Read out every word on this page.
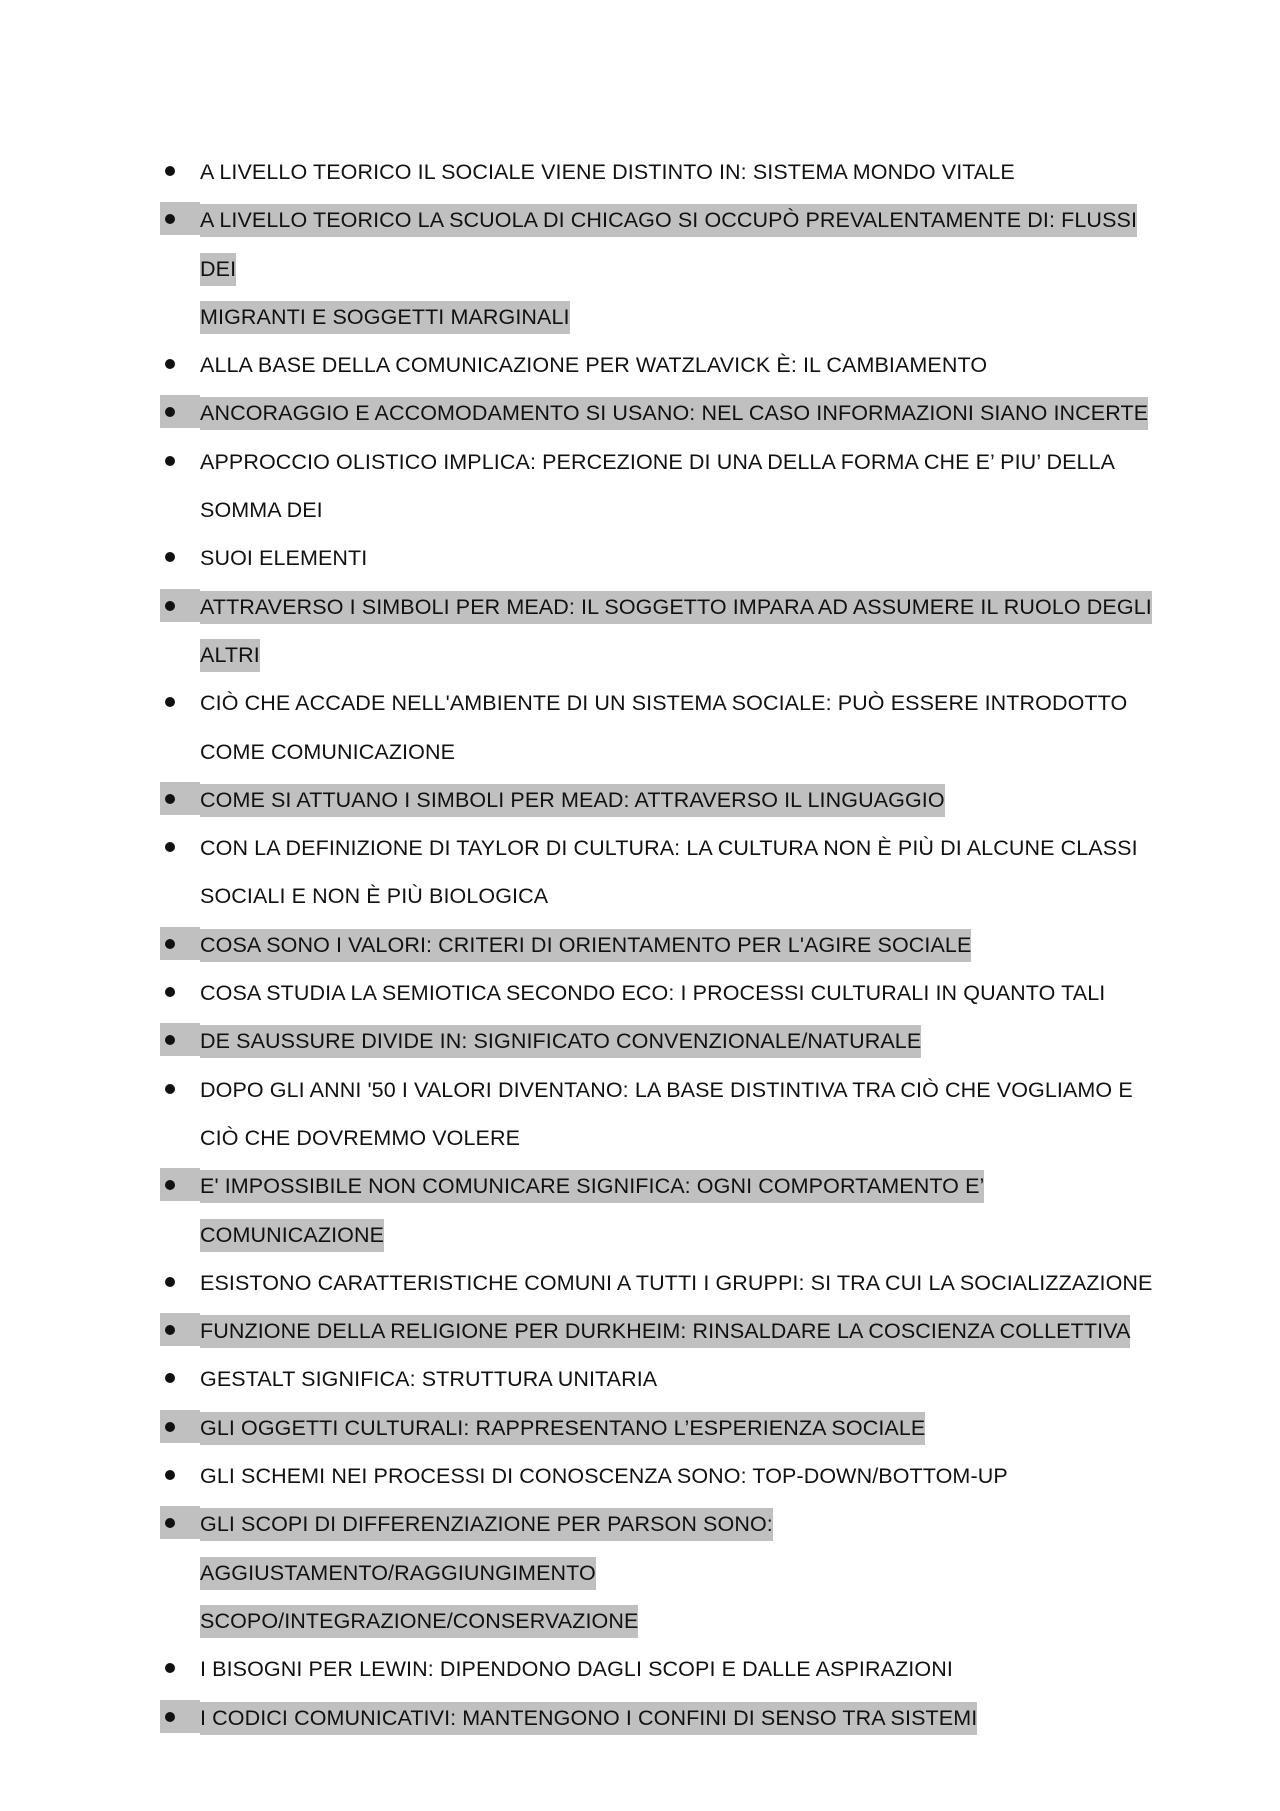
A LIVELLO TEORICO IL SOCIALE VIENE DISTINTO IN: SISTEMA MONDO VITALE
A LIVELLO TEORICO LA SCUOLA DI CHICAGO SI OCCUPÒ PREVALENTAMENTE DI: FLUSSI DEI
MIGRANTI E SOGGETTI MARGINALI
ALLA BASE DELLA COMUNICAZIONE PER WATZLAVICK È: IL CAMBIAMENTO
ANCORAGGIO E ACCOMODAMENTO SI USANO: NEL CASO INFORMAZIONI SIANO INCERTE
APPROCCIO OLISTICO IMPLICA: PERCEZIONE DI UNA DELLA FORMA CHE E’ PIU’ DELLA
SOMMA DEI
SUOI ELEMENTI
ATTRAVERSO I SIMBOLI PER MEAD: IL SOGGETTO IMPARA AD ASSUMERE IL RUOLO DEGLI
ALTRI
CIÒ CHE ACCADE NELL'AMBIENTE DI UN SISTEMA SOCIALE: PUÒ ESSERE INTRODOTTO
COME COMUNICAZIONE
COME SI ATTUANO I SIMBOLI PER MEAD: ATTRAVERSO IL LINGUAGGIO
CON LA DEFINIZIONE DI TAYLOR DI CULTURA: LA CULTURA NON È PIÙ DI ALCUNE CLASSI
SOCIALI E NON È PIÙ BIOLOGICA
COSA SONO I VALORI: CRITERI DI ORIENTAMENTO PER L'AGIRE SOCIALE
COSA STUDIA LA SEMIOTICA SECONDO ECO: I PROCESSI CULTURALI IN QUANTO TALI
DE SAUSSURE DIVIDE IN: SIGNIFICATO CONVENZIONALE/NATURALE
DOPO GLI ANNI '50 I VALORI DIVENTANO: LA BASE DISTINTIVA TRA CIÒ CHE VOGLIAMO E
CIÒ CHE DOVREMMO VOLERE
E' IMPOSSIBILE NON COMUNICARE SIGNIFICA: OGNI COMPORTAMENTO E’
COMUNICAZIONE
ESISTONO CARATTERISTICHE COMUNI A TUTTI I GRUPPI: SI TRA CUI LA SOCIALIZZAZIONE
FUNZIONE DELLA RELIGIONE PER DURKHEIM: RINSALDARE LA COSCIENZA COLLETTIVA
GESTALT SIGNIFICA: STRUTTURA UNITARIA
GLI OGGETTI CULTURALI: RAPPRESENTANO L’ESPERIENZA SOCIALE
GLI SCHEMI NEI PROCESSI DI CONOSCENZA SONO: TOP-DOWN/BOTTOM-UP
GLI SCOPI DI DIFFERENZIAZIONE PER PARSON SONO:
AGGIUSTAMENTO/RAGGIUNGIMENTO
SCOPO/INTEGRAZIONE/CONSERVAZIONE
I BISOGNI PER LEWIN: DIPENDONO DAGLI SCOPI E DALLE ASPIRAZIONI
I CODICI COMUNICATIVI: MANTENGONO I CONFINI DI SENSO TRA SISTEMI
